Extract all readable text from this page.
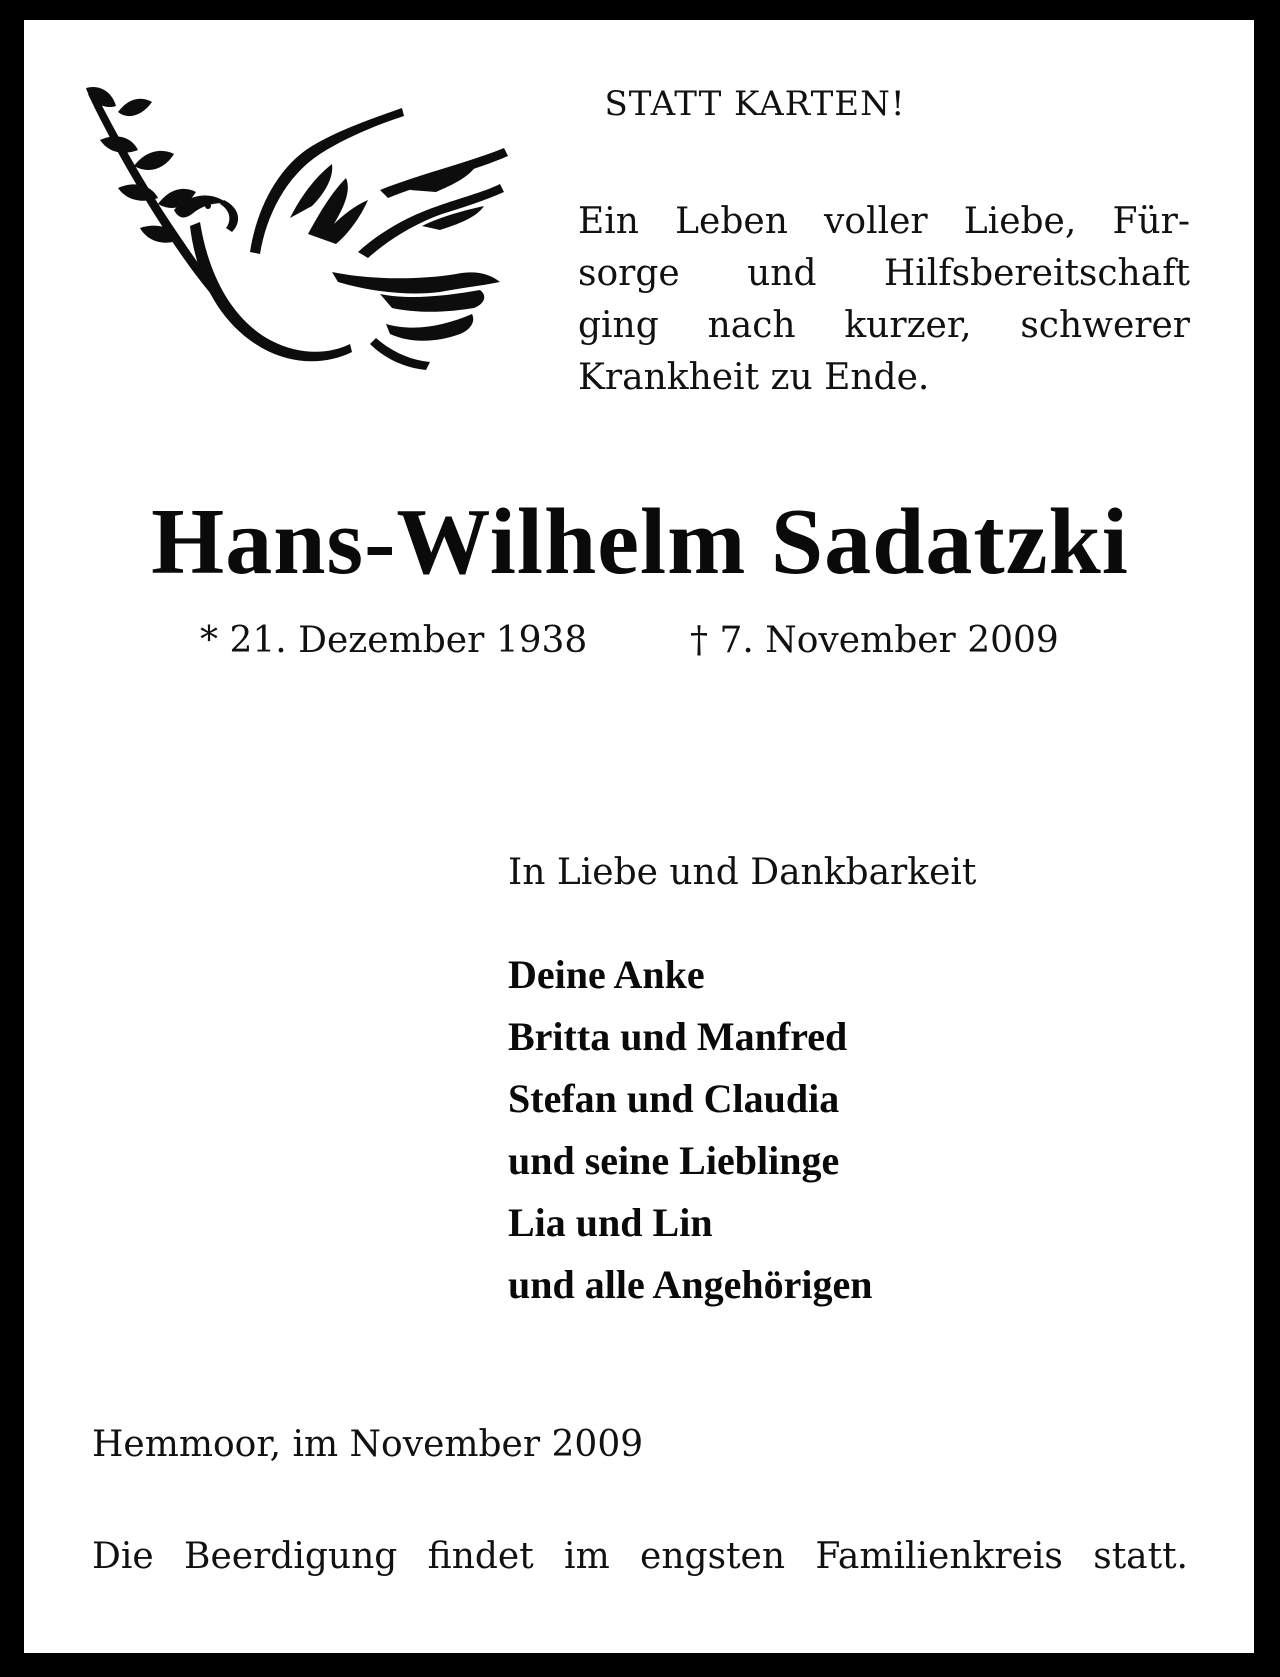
STATT KARTEN!

Ein Leben voller Liebe, Für-
sorge und Hilfsbereitschaft
ging nach kurzer, schwerer
Krankheit zu Ende.

Hans-Wilhelm Sadatzki

* 21. Dezember 1938	† 7. November 2009

In Liebe und Dankbarkeit

Deine Anke
Britta und Manfred
Stefan und Claudia
und seine Lieblinge
Lia und Lin
und alle Angehörigen

Hemmoor, im November 2009

Die Beerdigung findet im engsten Familienkreis statt.
